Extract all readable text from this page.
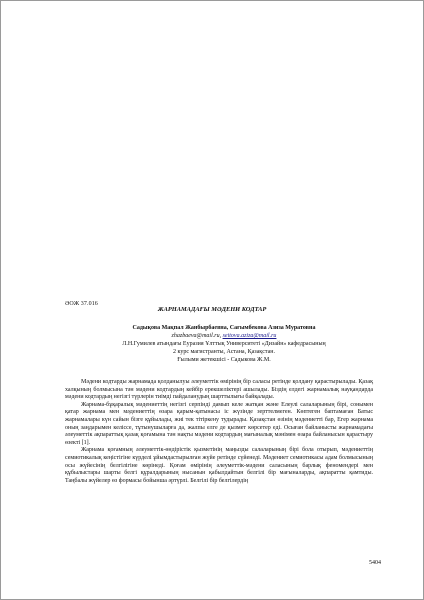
ӘОЖ 37.016
ЖАРНАМАДАҒЫ МӘДЕНИ КОДТАР
Садықова Мақпал Жанбырбаевна, Сағымбекова Азиза Муратовна
zhazbaeva@mail.ru, seitova.aziza@mail.ru
Л.Н.Гумилев атындағы Еуразия Ұлттық Университеті «Дизайн» кафедрасының
2 курс магистранты, Астана, Қазақстан.
Ғылыми жетекшісі - Садыкова Ж.М.

Мәдени кодтарды жарнамада қолданылуы әлеуметтік өмірінің бір саласы ретінде қолдану қарастырылады. Қазақ халқының болмысына тән мәдени кодтардың кейбір ерекшеліктері ашылады. Біздің елдегі жарнамалық науқандарда мәдени кодтардың негізгі түрлерін тиімді пайдаланудың шарттылығы байқалады.

Жарнама-бұқаралық мәдениеттің негізгі серпінді дамып келе жатқан және Елеулі салаларының бірі, сонымен қатар жарнама мен мәдениеттің өзара қарым-қатынасы іс жүзінде зерттелмеген. Көптеген баптамаған Батыс жарнамалары күн сайын бізге құйылады, жиі тек тітіркену тудырады. Қазақстан өзінің мәдениетті бар, Егер жарнама оның заңдарымен келіссе, тұтынушыларға да, жалпы елге де қызмет көрсетер еді. Осыған байланысты жарнамадағы әлеуметтік ақпараттық қазақ қоғамына тән нақты мәдени кодтардың мағыналық мәнімен өзара байланысын қарастыру өзекті [1].

Жарнама қоғамның әлеуметтік-өндірістік қызметінің маңызды салаларының бірі бола отырып, мәдениеттің семиотикалық кеңістігіне күрделі ұйымдастырылған жүйе ретінде сүйенеді. Мәдениет семиотикасы адам болмысының осы жүйесінің белгілігіне көрінеді. Қоғам өмірінің әлеуметтік-мәдени саласының барлық феномендері мен құбылыстары шарты белгі құралдарының нысанын қабылдайтын белгілі бір мағыналарды, ақпаратты қамтиды. Таңбалы жүйелер өз формасы бойынша әртүрлі. Белгілі бір белгілердің

5404
